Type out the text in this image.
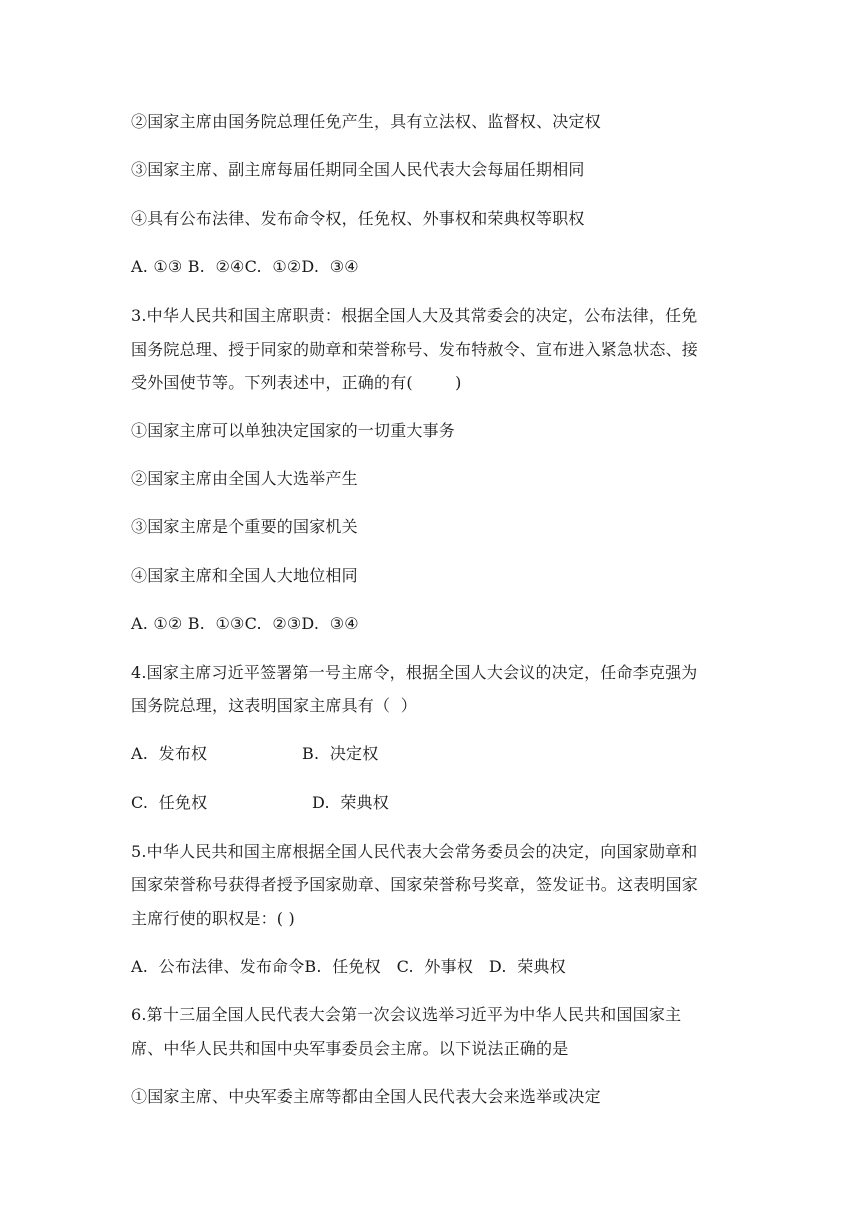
②国家主席由国务院总理任免产生，具有立法权、监督权、决定权

③国家主席、副主席每届任期同全国人民代表大会每届任期相同

④具有公布法律、发布命令权，任免权、外事权和荣典权等职权

A. ①③ B.  ②④C.  ①②D.  ③④

3.中华人民共和国主席职责：根据全国人大及其常委会的决定，公布法律，任免

国务院总理、授于同家的勋章和荣誉称号、发布特赦令、宣布进入紧急状态、接

受外国使节等。下列表述中，正确的有(        )

①国家主席可以单独决定国家的一切重大事务

②国家主席由全国人大选举产生

③国家主席是个重要的国家机关

④国家主席和全国人大地位相同

A. ①② B.  ①③C.  ②③D.  ③④

4.国家主席习近平签署第一号主席令，根据全国人大会议的决定，任命李克强为

国务院总理，这表明国家主席具有（  ）

A.  发布权

	B.  决定权

C.  任免权

	D.  荣典权

5.中华人民共和国主席根据全国人民代表大会常务委员会的决定，向国家勋章和

国家荣誉称号获得者授予国家勋章、国家荣誉称号奖章，签发证书。这表明国家

主席行使的职权是：( )

A.  公布法律、发布命令B.  任免权   C.  外事权   D.  荣典权

6.第十三届全国人民代表大会第一次会议选举习近平为中华人民共和国国家主

席、中华人民共和国中央军事委员会主席。以下说法正确的是

①国家主席、中央军委主席等都由全国人民代表大会来选举或决定
